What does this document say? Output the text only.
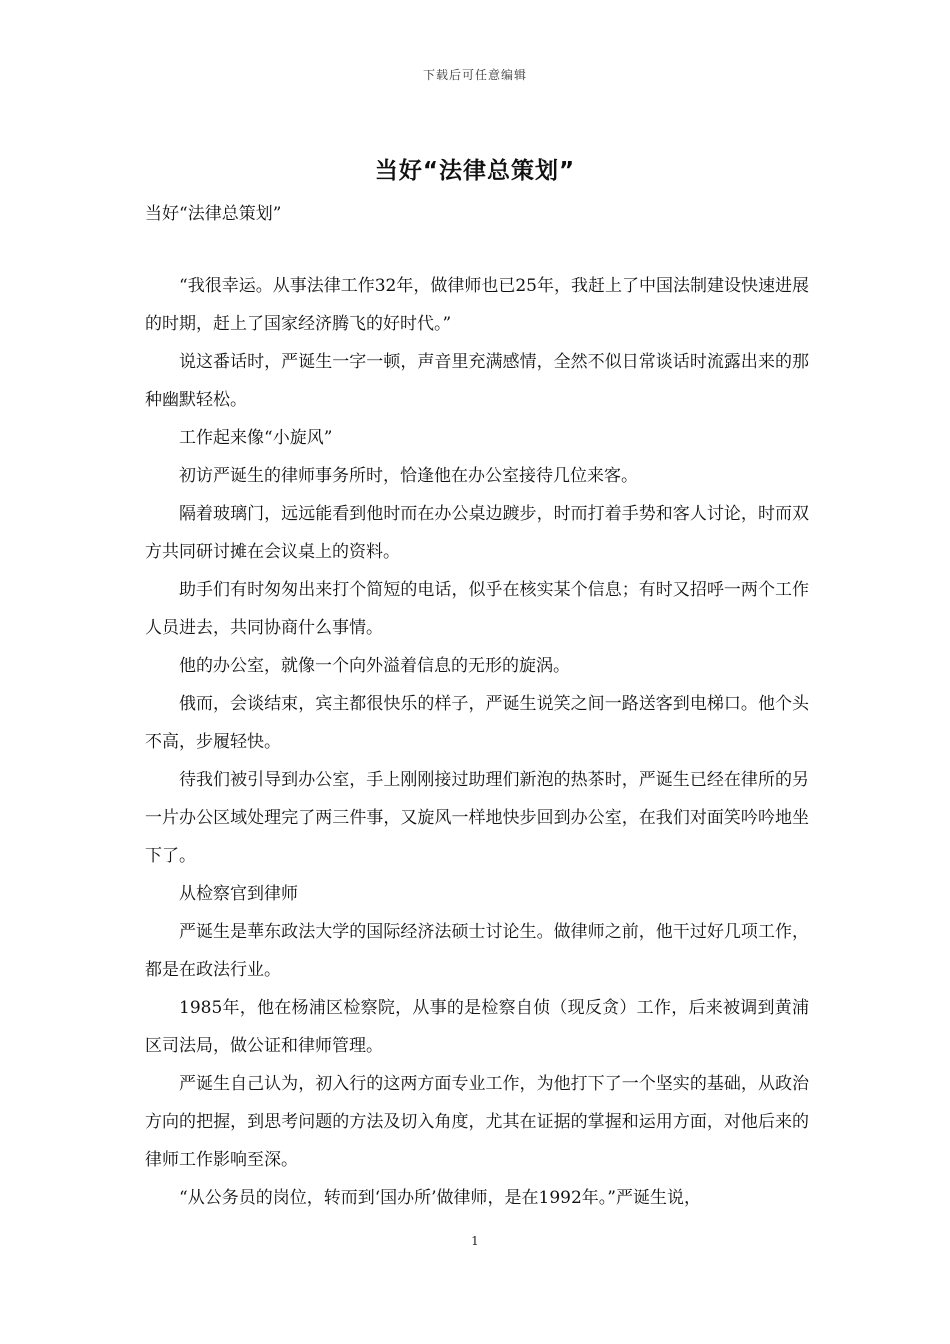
下载后可任意编辑
当好“法律总策划”
当好“法律总策划”

“我很幸运。从事法律工作32年，做律师也已25年，我赶上了中国法制建设快速进展的时期，赶上了国家经济腾飞的好时代。”

说这番话时，严诞生一字一顿，声音里充满感情，全然不似日常谈话时流露出来的那种幽默轻松。

工作起来像“小旋风”

初访严诞生的律师事务所时，恰逢他在办公室接待几位来客。

隔着玻璃门，远远能看到他时而在办公桌边踱步，时而打着手势和客人讨论，时而双方共同研讨摊在会议桌上的资料。

助手们有时匆匆出来打个简短的电话，似乎在核实某个信息；有时又招呼一两个工作人员进去，共同协商什么事情。

他的办公室，就像一个向外溢着信息的无形的旋涡。

俄而，会谈结束，宾主都很快乐的样子，严诞生说笑之间一路送客到电梯口。他个头不高，步履轻快。

待我们被引导到办公室，手上刚刚接过助理们新泡的热茶时，严诞生已经在律所的另一片办公区域处理完了两三件事，又旋风一样地快步回到办公室，在我们对面笑吟吟地坐下了。

从检察官到律师

严诞生是華东政法大学的国际经济法硕士讨论生。做律师之前，他干过好几项工作，都是在政法行业。

1985年，他在杨浦区检察院，从事的是检察自侦（现反贪）工作，后来被调到黄浦区司法局，做公证和律师管理。

严诞生自己认为，初入行的这两方面专业工作，为他打下了一个坚实的基础，从政治方向的把握，到思考问题的方法及切入角度，尤其在证据的掌握和运用方面，对他后来的律师工作影响至深。

“从公务员的岗位，转而到‘国办所’做律师，是在1992年。”严诞生说，

1
